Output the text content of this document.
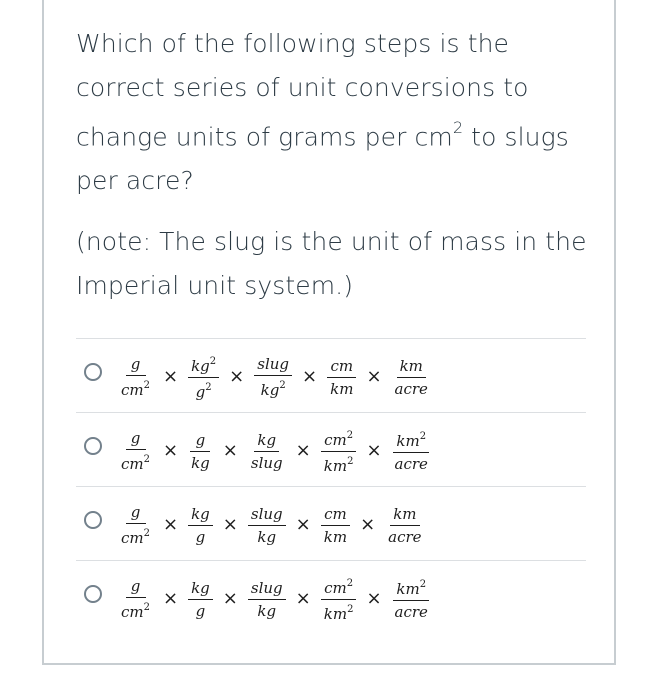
Which of the following steps is the

correct series of unit conversions to

change units of grams per $cm^2$ to slugs

per acre?

(note: The slug is the unit of mass in the

Imperial unit system.)

$\frac{g}{cm^2} \times \frac{kg^2}{g^2} \times \frac{\text{slug}}{kg^2} \times \frac{cm}{km} \times \frac{km}{\text{acre}}$
$\frac{g}{cm^2} \times \frac{g}{kg} \times \frac{kg}{\text{slug}} \times \frac{cm^2}{km^2} \times \frac{km^2}{\text{acre}}$
$\frac{g}{cm^2} \times \frac{kg}{g} \times \frac{\text{slug}}{kg} \times \frac{cm}{km} \times \frac{km}{\text{acre}}$
$\frac{g}{cm^2} \times \frac{kg}{g} \times \frac{\text{slug}}{kg} \times \frac{cm^2}{km^2} \times \frac{km^2}{\text{acre}}$
